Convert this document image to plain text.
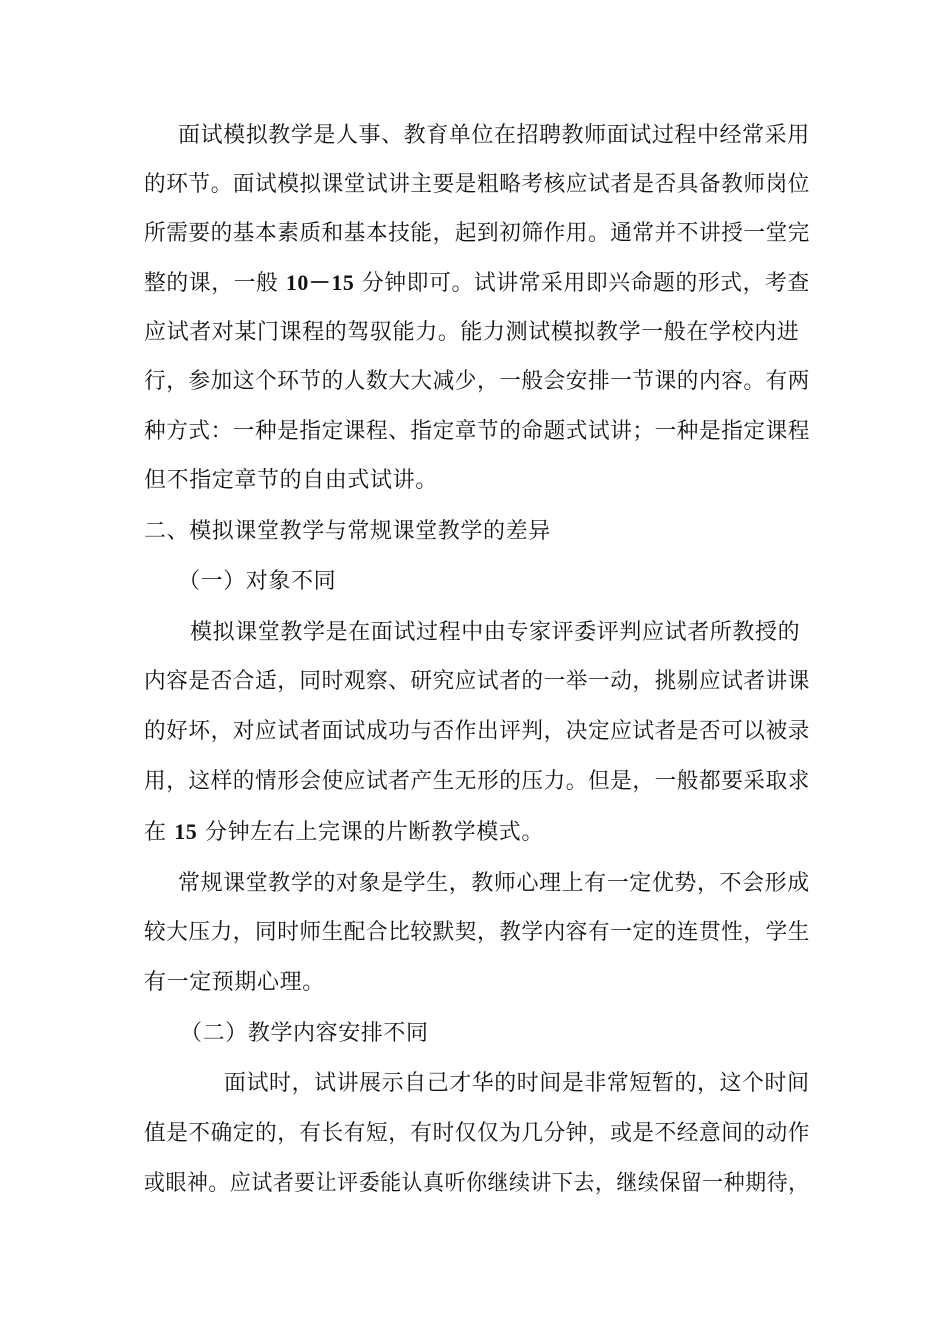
面试模拟教学是人事、教育单位在招聘教师面试过程中经常采用
的环节。面试模拟课堂试讲主要是粗略考核应试者是否具备教师岗位
所需要的基本素质和基本技能，起到初筛作用。通常并不讲授一堂完
整的课，一般 10－15 分钟即可。试讲常采用即兴命题的形式，考查
应试者对某门课程的驾驭能力。能力测试模拟教学一般在学校内进
行，参加这个环节的人数大大减少，一般会安排一节课的内容。有两
种方式：一种是指定课程、指定章节的命题式试讲；一种是指定课程
但不指定章节的自由式试讲。
二、模拟课堂教学与常规课堂教学的差异
（一）对象不同
模拟课堂教学是在面试过程中由专家评委评判应试者所教授的
内容是否合适，同时观察、研究应试者的一举一动，挑剔应试者讲课
的好坏，对应试者面试成功与否作出评判，决定应试者是否可以被录
用，这样的情形会使应试者产生无形的压力。但是，一般都要采取求
在 15 分钟左右上完课的片断教学模式。
常规课堂教学的对象是学生，教师心理上有一定优势，不会形成
较大压力，同时师生配合比较默契，教学内容有一定的连贯性，学生
有一定预期心理。
（二）教学内容安排不同
面试时，试讲展示自己才华的时间是非常短暂的，这个时间
值是不确定的，有长有短，有时仅仅为几分钟，或是不经意间的动作
或眼神。应试者要让评委能认真听你继续讲下去，继续保留一种期待，
